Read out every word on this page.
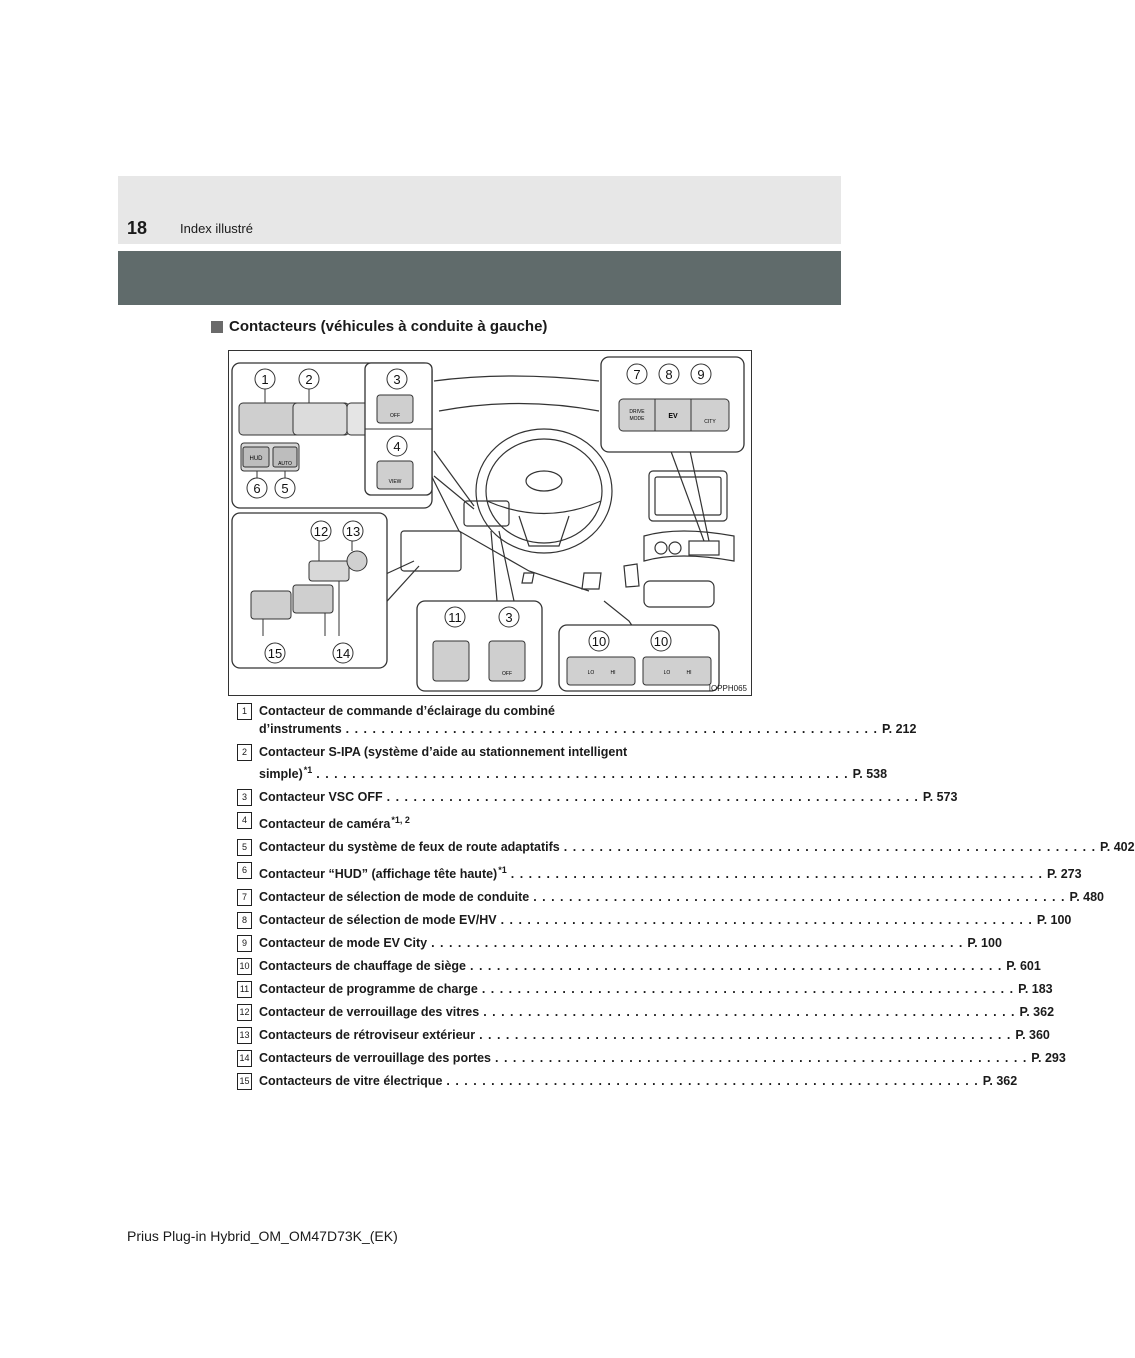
18	Index illustré
Contacteurs (véhicules à conduite à gauche)
HUD
AUTO
OFF
VIEW
DRIVE
MODE	EV
CITY
OFF	LO	HI	LO	HI
1	2	3
4
5
6
7 8 9
10	10
11	3
12 13
14
15
IOPPH065
1 Contacteur de commande d’éclairage du combiné
d’instruments . . . . . . . . . . . . . . . . . . . . . . . . . . . . . . . . . . . . . . . . . . . . . . . . . . . . . . . . . . . . P. 212
2 Contacteur S-IPA (système d’aide au stationnement intelligent
simple)$^{*1}$ . . . . . . . . . . . . . . . . . . . . . . . . . . . . . . . . . . . . . . . . . . . . . . . . . . . . . . . . . . . . P. 538
3 Contacteur VSC OFF . . . . . . . . . . . . . . . . . . . . . . . . . . . . . . . . . . . . . . . . . . . . . . . . . . . . . . . . . . . . P. 573
4 Contacteur de caméra$^{*1, 2}$
5 Contacteur du système de feux de route adaptatifs . . . . . . . . . . . . . . . . . . . . . . . . . . . . . . . . . . . . . . . . . . . . . . . . . . . . . . . . . . . . P. 402
6 Contacteur “HUD” (affichage tête haute)$^{*1}$ . . . . . . . . . . . . . . . . . . . . . . . . . . . . . . . . . . . . . . . . . . . . . . . . . . . . . . . . . . . . P. 273
7 Contacteur de sélection de mode de conduite . . . . . . . . . . . . . . . . . . . . . . . . . . . . . . . . . . . . . . . . . . . . . . . . . . . . . . . . . . . . P. 480
8 Contacteur de sélection de mode EV/HV . . . . . . . . . . . . . . . . . . . . . . . . . . . . . . . . . . . . . . . . . . . . . . . . . . . . . . . . . . . . P. 100
9 Contacteur de mode EV City . . . . . . . . . . . . . . . . . . . . . . . . . . . . . . . . . . . . . . . . . . . . . . . . . . . . . . . . . . . . P. 100
10 Contacteurs de chauffage de siège . . . . . . . . . . . . . . . . . . . . . . . . . . . . . . . . . . . . . . . . . . . . . . . . . . . . . . . . . . . . P. 601
11 Contacteur de programme de charge . . . . . . . . . . . . . . . . . . . . . . . . . . . . . . . . . . . . . . . . . . . . . . . . . . . . . . . . . . . . P. 183
12 Contacteur de verrouillage des vitres . . . . . . . . . . . . . . . . . . . . . . . . . . . . . . . . . . . . . . . . . . . . . . . . . . . . . . . . . . . . P. 362
13 Contacteurs de rétroviseur extérieur . . . . . . . . . . . . . . . . . . . . . . . . . . . . . . . . . . . . . . . . . . . . . . . . . . . . . . . . . . . . P. 360
14 Contacteurs de verrouillage des portes . . . . . . . . . . . . . . . . . . . . . . . . . . . . . . . . . . . . . . . . . . . . . . . . . . . . . . . . . . . . P. 293
15 Contacteurs de vitre électrique . . . . . . . . . . . . . . . . . . . . . . . . . . . . . . . . . . . . . . . . . . . . . . . . . . . . . . . . . . . . P. 362
Prius Plug-in Hybrid_OM_OM47D73K_(EK)
